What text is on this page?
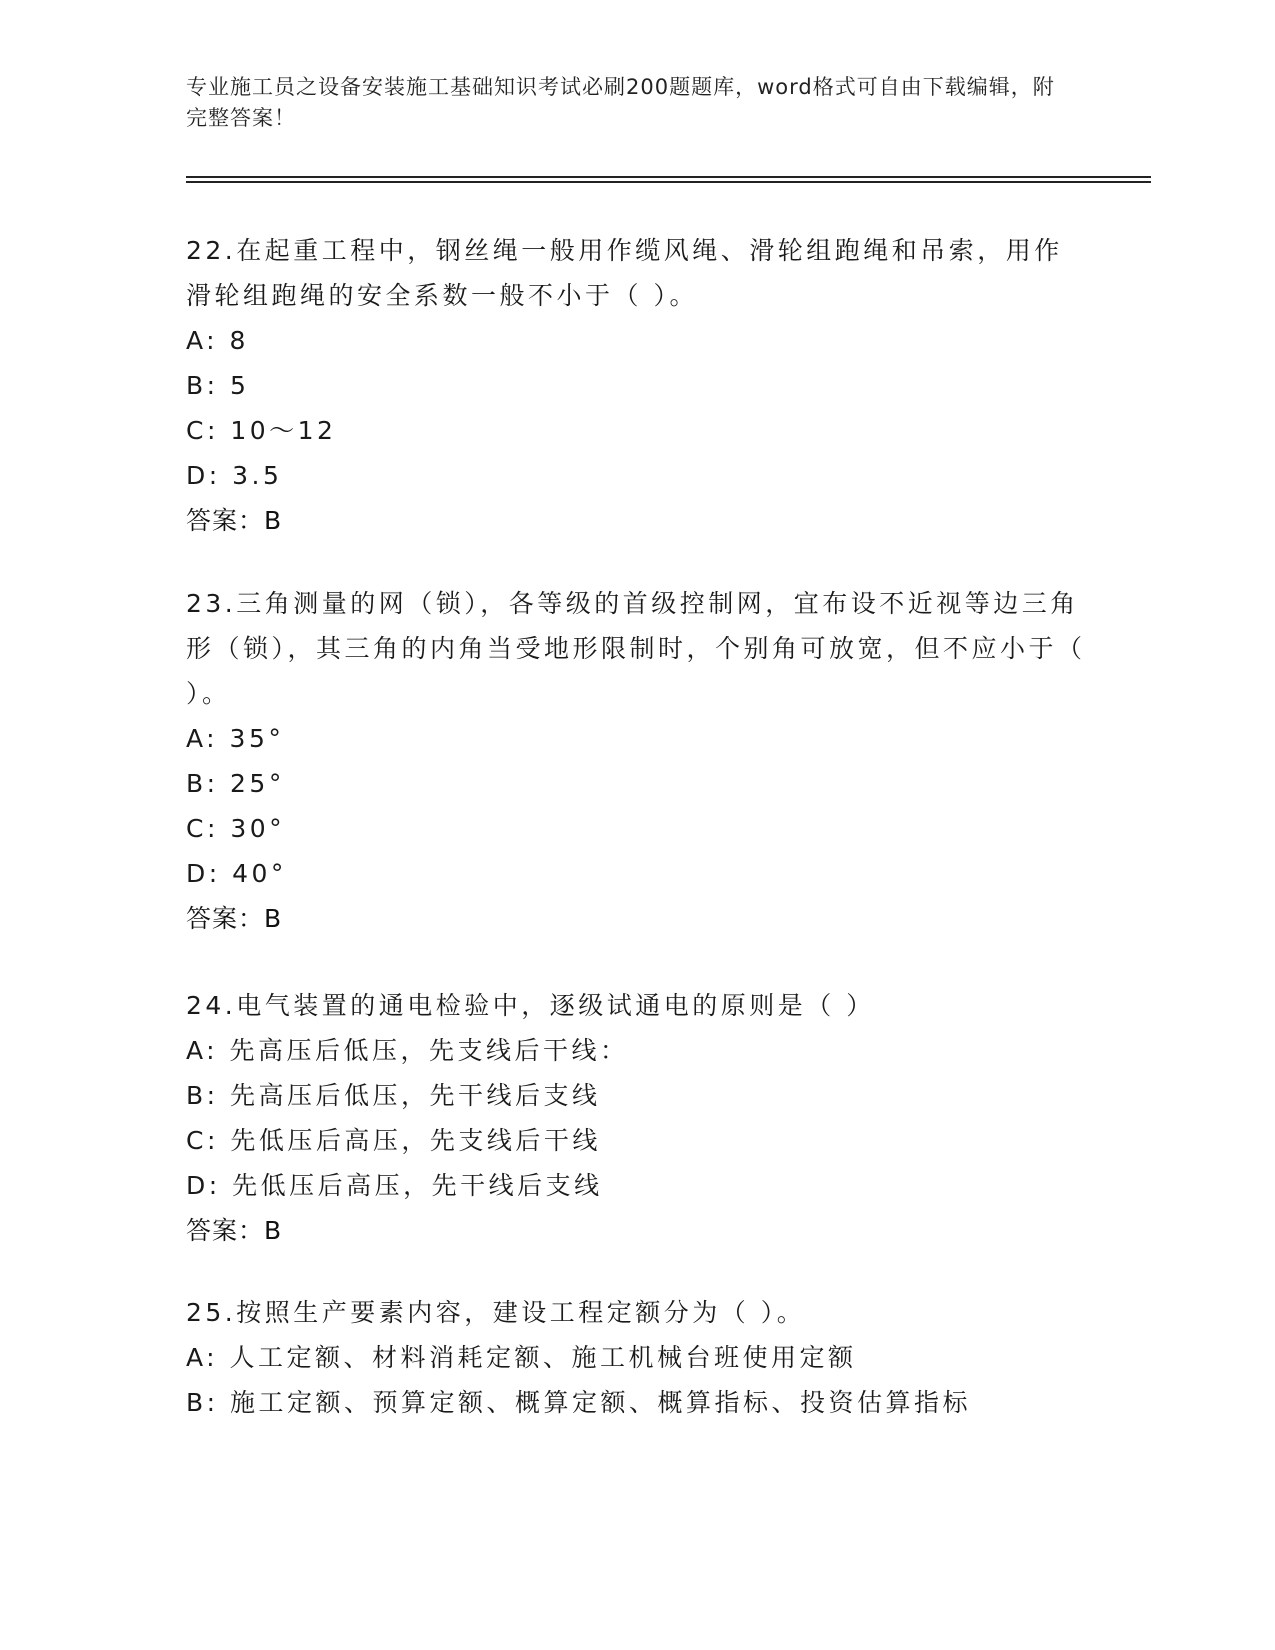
专业施工员之设备安装施工基础知识考试必刷200题题库，word格式可自由下载编辑，附完整答案！

22.在起重工程中，钢丝绳一般用作缆风绳、滑轮组跑绳和吊索，用作滑轮组跑绳的安全系数一般不小于（ ）。

A: 8

B: 5

C: 10～12

D: 3.5

答案：B

23.三角测量的网（锁），各等级的首级控制网，宜布设不近视等边三角形（锁），其三角的内角当受地形限制时，个别角可放宽，但不应小于（ ）。

A: 35°

B: 25°

C: 30°

D: 40°

答案：B

24.电气装置的通电检验中，逐级试通电的原则是（ ）

A: 先高压后低压，先支线后干线：

B: 先高压后低压，先干线后支线

C: 先低压后高压，先支线后干线

D: 先低压后高压，先干线后支线

答案：B

25.按照生产要素内容，建设工程定额分为（ ）。

A: 人工定额、材料消耗定额、施工机械台班使用定额

B: 施工定额、预算定额、概算定额、概算指标、投资估算指标
